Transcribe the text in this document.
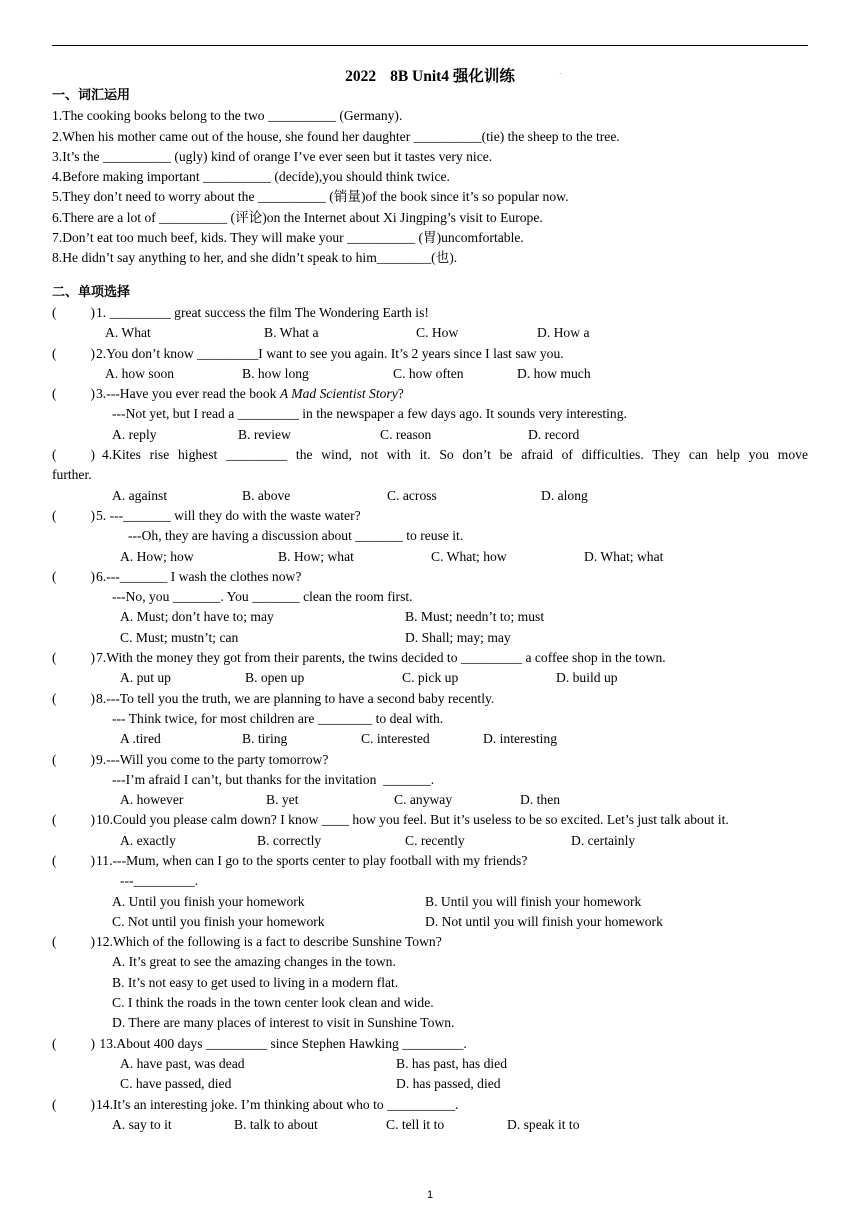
2022 8B Unit4 强化训练	·
一、词汇运用
1.The cooking books belong to the two __________ (Germany).
2.When his mother came out of the house, she found her daughter __________(tie) the sheep to the tree.
3.It’s the __________ (ugly) kind of orange I’ve ever seen but it tastes very nice.
4.Before making important __________ (decide),you should think twice.
5.They don’t need to worry about the __________ (销量)of the book since it’s so popular now.
6.There are a lot of __________ (评论)on the Internet about Xi Jingping’s visit to Europe.
7.Don’t eat too much beef, kids. They will make your __________ (胃)uncomfortable.
8.He didn’t say anything to her, and she didn’t speak to him________(也).
二、单项选择
(          ) 1. _________ great success the film The Wondering Earth is!
A. What	B. What a	C. How	D. How a
(          ) 2.You don’t know _________I want to see you again. It’s 2 years since I last saw you.
A. how soon	B. how long	C. how often	D. how much
(          ) 3.---Have you ever read the book A Mad Scientist Story?
---Not yet, but I read a _________ in the newspaper a few days ago. It sounds very interesting.
A. reply	B. review	C. reason	D. record
(          ) 4.Kites rise highest _________ the wind, not with it. So don’t be afraid of difficulties. They can help you move
further.
A. against	B. above	C. across	D. along
(          ) 5. ---_______ will they do with the waste water?
---Oh, they are having a discussion about _______ to reuse it.
A. How; how	B. How; what	C. What; how	D. What; what
(          ) 6.---_______ I wash the clothes now?
---No, you _______. You _______ clean the room first.
A. Must; don’t have to; may	B. Must; needn’t to; must
C. Must; mustn’t; can	D. Shall; may; may
(          ) 7.With the money they got from their parents, the twins decided to _________ a coffee shop in the town.
A. put up	B. open up	C. pick up	D. build up
(          ) 8.---To tell you the truth, we are planning to have a second baby recently.
--- Think twice, for most children are ________ to deal with.
A .tired	B. tiring	C. interested	D. interesting
(          ) 9.---Will you come to the party tomorrow?
---I’m afraid I can’t, but thanks for the invitation  _______.
A. however	B. yet	C. anyway	D. then
(          ) 10.Could you please calm down? I know ____ how you feel. But it’s useless to be so excited. Let’s just talk about it.
A. exactly	B. correctly	C. recently	D. certainly
(          ) 11.---Mum, when can I go to the sports center to play football with my friends?
---_________.
A. Until you finish your homework	B. Until you will finish your homework
C. Not until you finish your homework	D. Not until you will finish your homework
(          ) 12.Which of the following is a fact to describe Sunshine Town?
A. It’s great to see the amazing changes in the town.
B. It’s not easy to get used to living in a modern flat.
C. I think the roads in the town center look clean and wide.
D. There are many places of interest to visit in Sunshine Town.
(          ) 13.About 400 days _________ since Stephen Hawking _________.
A. have past, was dead	B. has past, has died
C. have passed, died	D. has passed, died
(          ) 14.It’s an interesting joke. I’m thinking about who to __________.
A. say to it	B. talk to about	C. tell it to	D. speak it to
1
